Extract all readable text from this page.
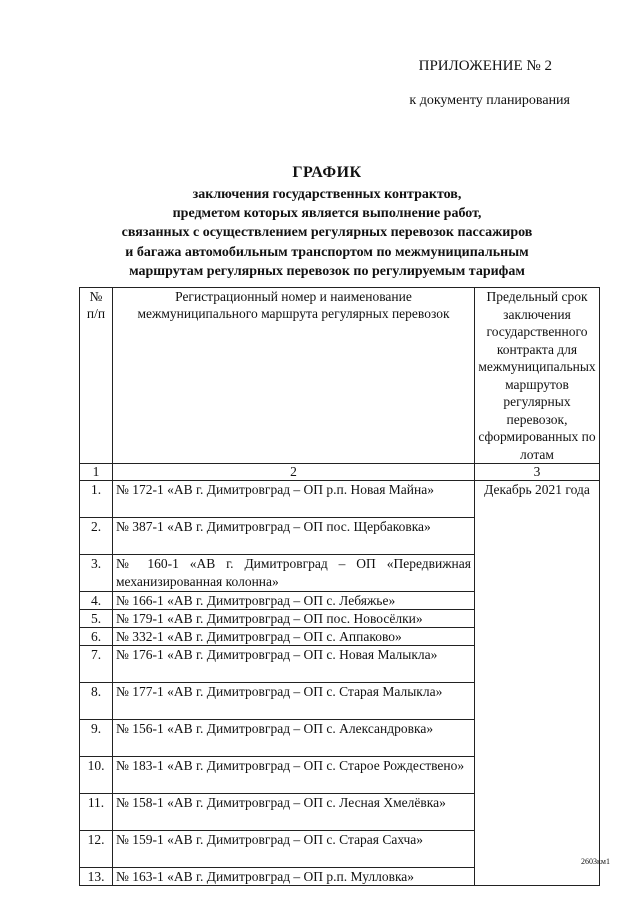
ПРИЛОЖЕНИЕ № 2
к документу планирования
ГРАФИК
заключения государственных контрактов,
предметом которых является выполнение работ,
связанных с осуществлением регулярных перевозок пассажиров
и багажа автомобильным транспортом по межмуниципальным
маршрутам регулярных перевозок по регулируемым тарифам
№ п/п	Регистрационный номер и наименование межмуниципального маршрута регулярных перевозок	Предельный срок заключения государственного контракта для межмуниципальных маршрутов регулярных перевозок, сформированных по лотам
1	2	3
1.	№ 172-1 «АВ г. Димитровград – ОП р.п. Новая Майна»	Декабрь 2021 года
2.	№ 387-1 «АВ г. Димитровград – ОП пос. Щербаковка»	
3.	№ 160-1 «АВ г. Димитровград – ОП «Передвижная механизированная колонна»	
4.	№ 166-1 «АВ г. Димитровград – ОП с. Лебяжье»	
5.	№ 179-1 «АВ г. Димитровград – ОП пос. Новосёлки»	
6.	№ 332-1 «АВ г. Димитровград – ОП с. Аппаково»	
7.	№ 176-1 «АВ г. Димитровград – ОП с. Новая Малыкла»	
8.	№ 177-1 «АВ г. Димитровград – ОП с. Старая Малыкла»	
9.	№ 156-1 «АВ г. Димитровград – ОП с. Александровка»	
10.	№ 183-1 «АВ г. Димитровград – ОП с. Старое Рождествено»	
11.	№ 158-1 «АВ г. Димитровград – ОП с. Лесная Хмелёвка»	
12.	№ 159-1 «АВ г. Димитровград – ОП с. Старая Сахча»	
13.	№ 163-1 «АВ г. Димитровград – ОП р.п. Мулловка»	
2603км1
